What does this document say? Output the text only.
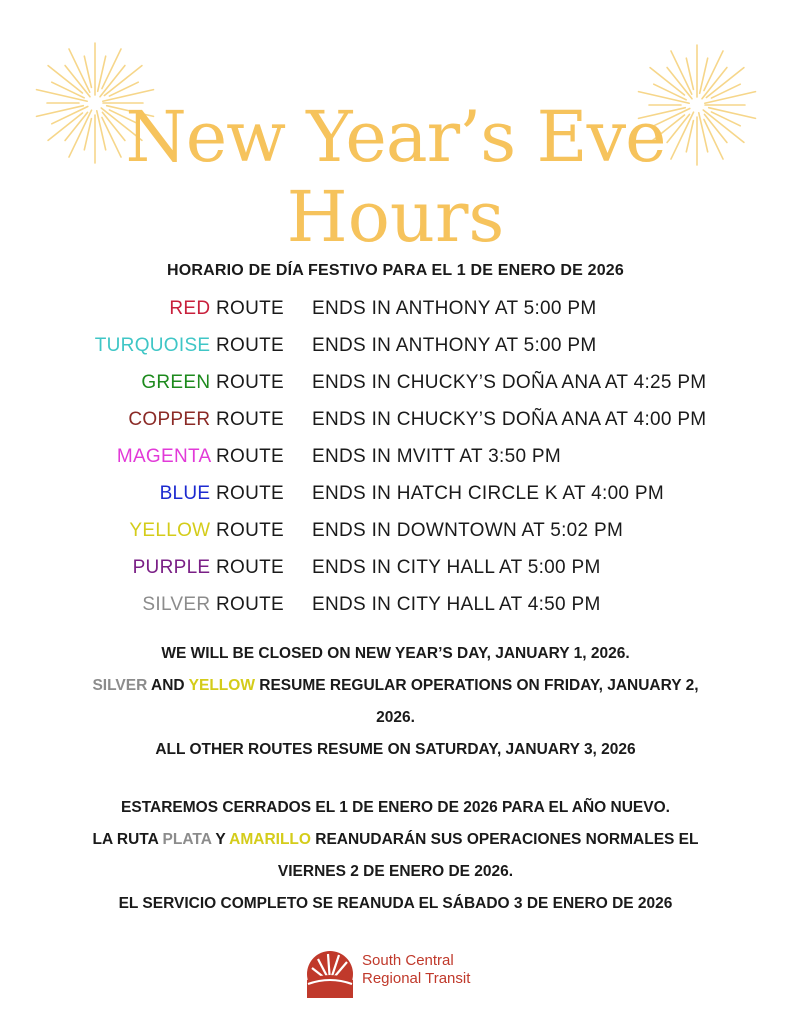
New Year’s Eve
Hours
HORARIO DE DÍA FESTIVO PARA EL 1 DE ENERO DE 2026
RED ROUTE ENDS IN ANTHONY AT 5:00 PM
TURQUOISE ROUTE ENDS IN ANTHONY AT 5:00 PM
GREEN ROUTE ENDS IN CHUCKY’S DOÑA ANA AT 4:25 PM
COPPER ROUTE ENDS IN CHUCKY’S DOÑA ANA AT 4:00 PM
MAGENTA ROUTE ENDS IN MVITT AT 3:50 PM
BLUE ROUTE ENDS IN HATCH CIRCLE K AT 4:00 PM
YELLOW ROUTE ENDS IN DOWNTOWN AT 5:02 PM
PURPLE ROUTE ENDS IN CITY HALL AT 5:00 PM
SILVER ROUTE ENDS IN CITY HALL AT 4:50 PM

WE WILL BE CLOSED ON NEW YEAR’S DAY, JANUARY 1, 2026.

SILVER AND YELLOW RESUME REGULAR OPERATIONS ON FRIDAY, JANUARY 2,

2026.

ALL OTHER ROUTES RESUME ON SATURDAY, JANUARY 3, 2026

ESTAREMOS CERRADOS EL 1 DE ENERO DE 2026 PARA EL AÑO NUEVO.

LA RUTA PLATA Y AMARILLO REANUDARÁN SUS OPERACIONES NORMALES EL

VIERNES 2 DE ENERO DE 2026.

EL SERVICIO COMPLETO SE REANUDA EL SÁBADO 3 DE ENERO DE 2026

South Central
Regional Transit
